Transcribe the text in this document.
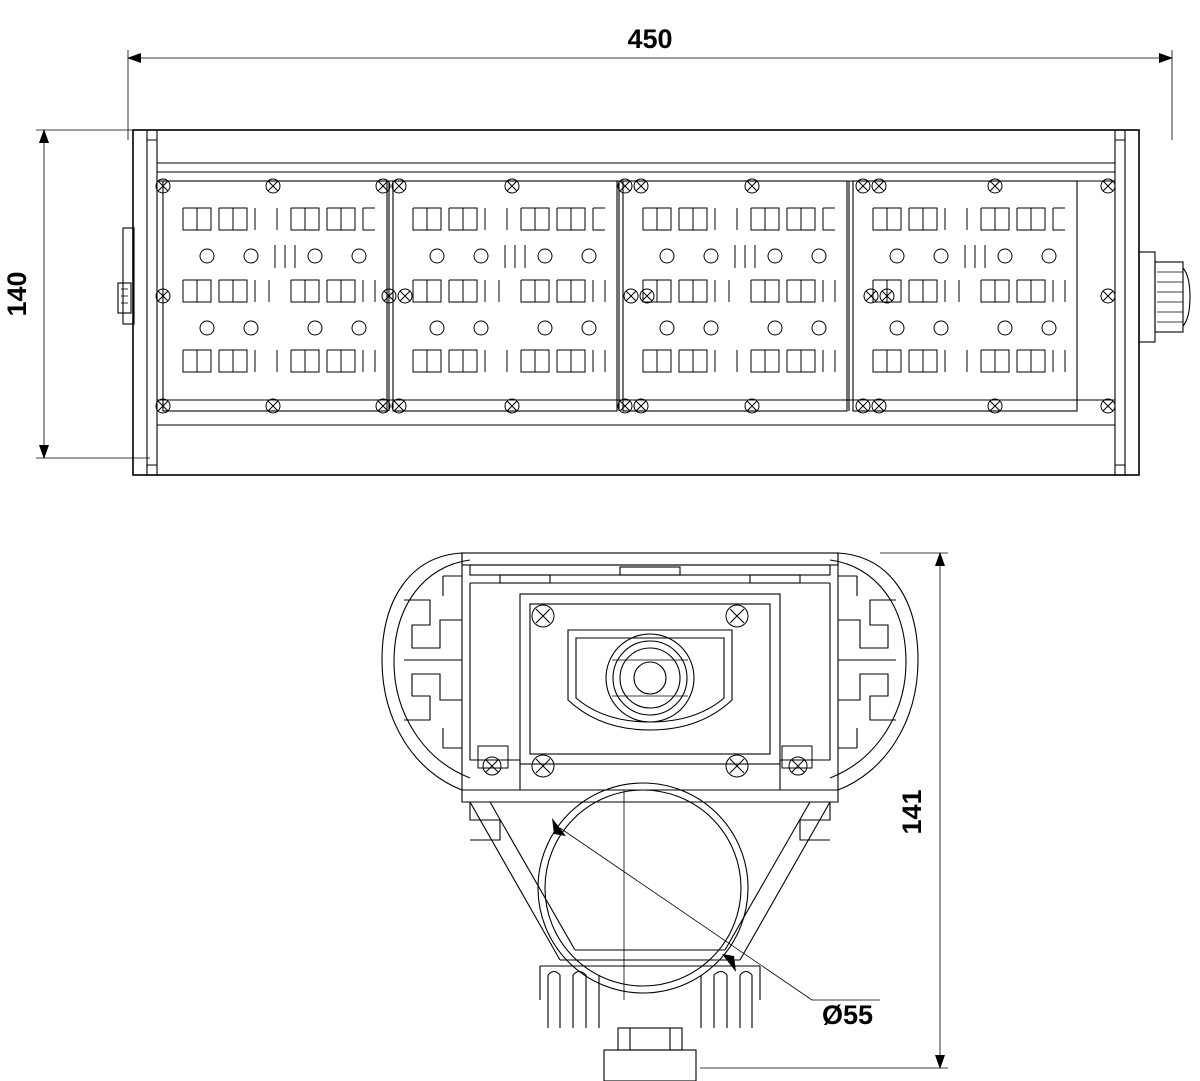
450
140
141
Ø55
